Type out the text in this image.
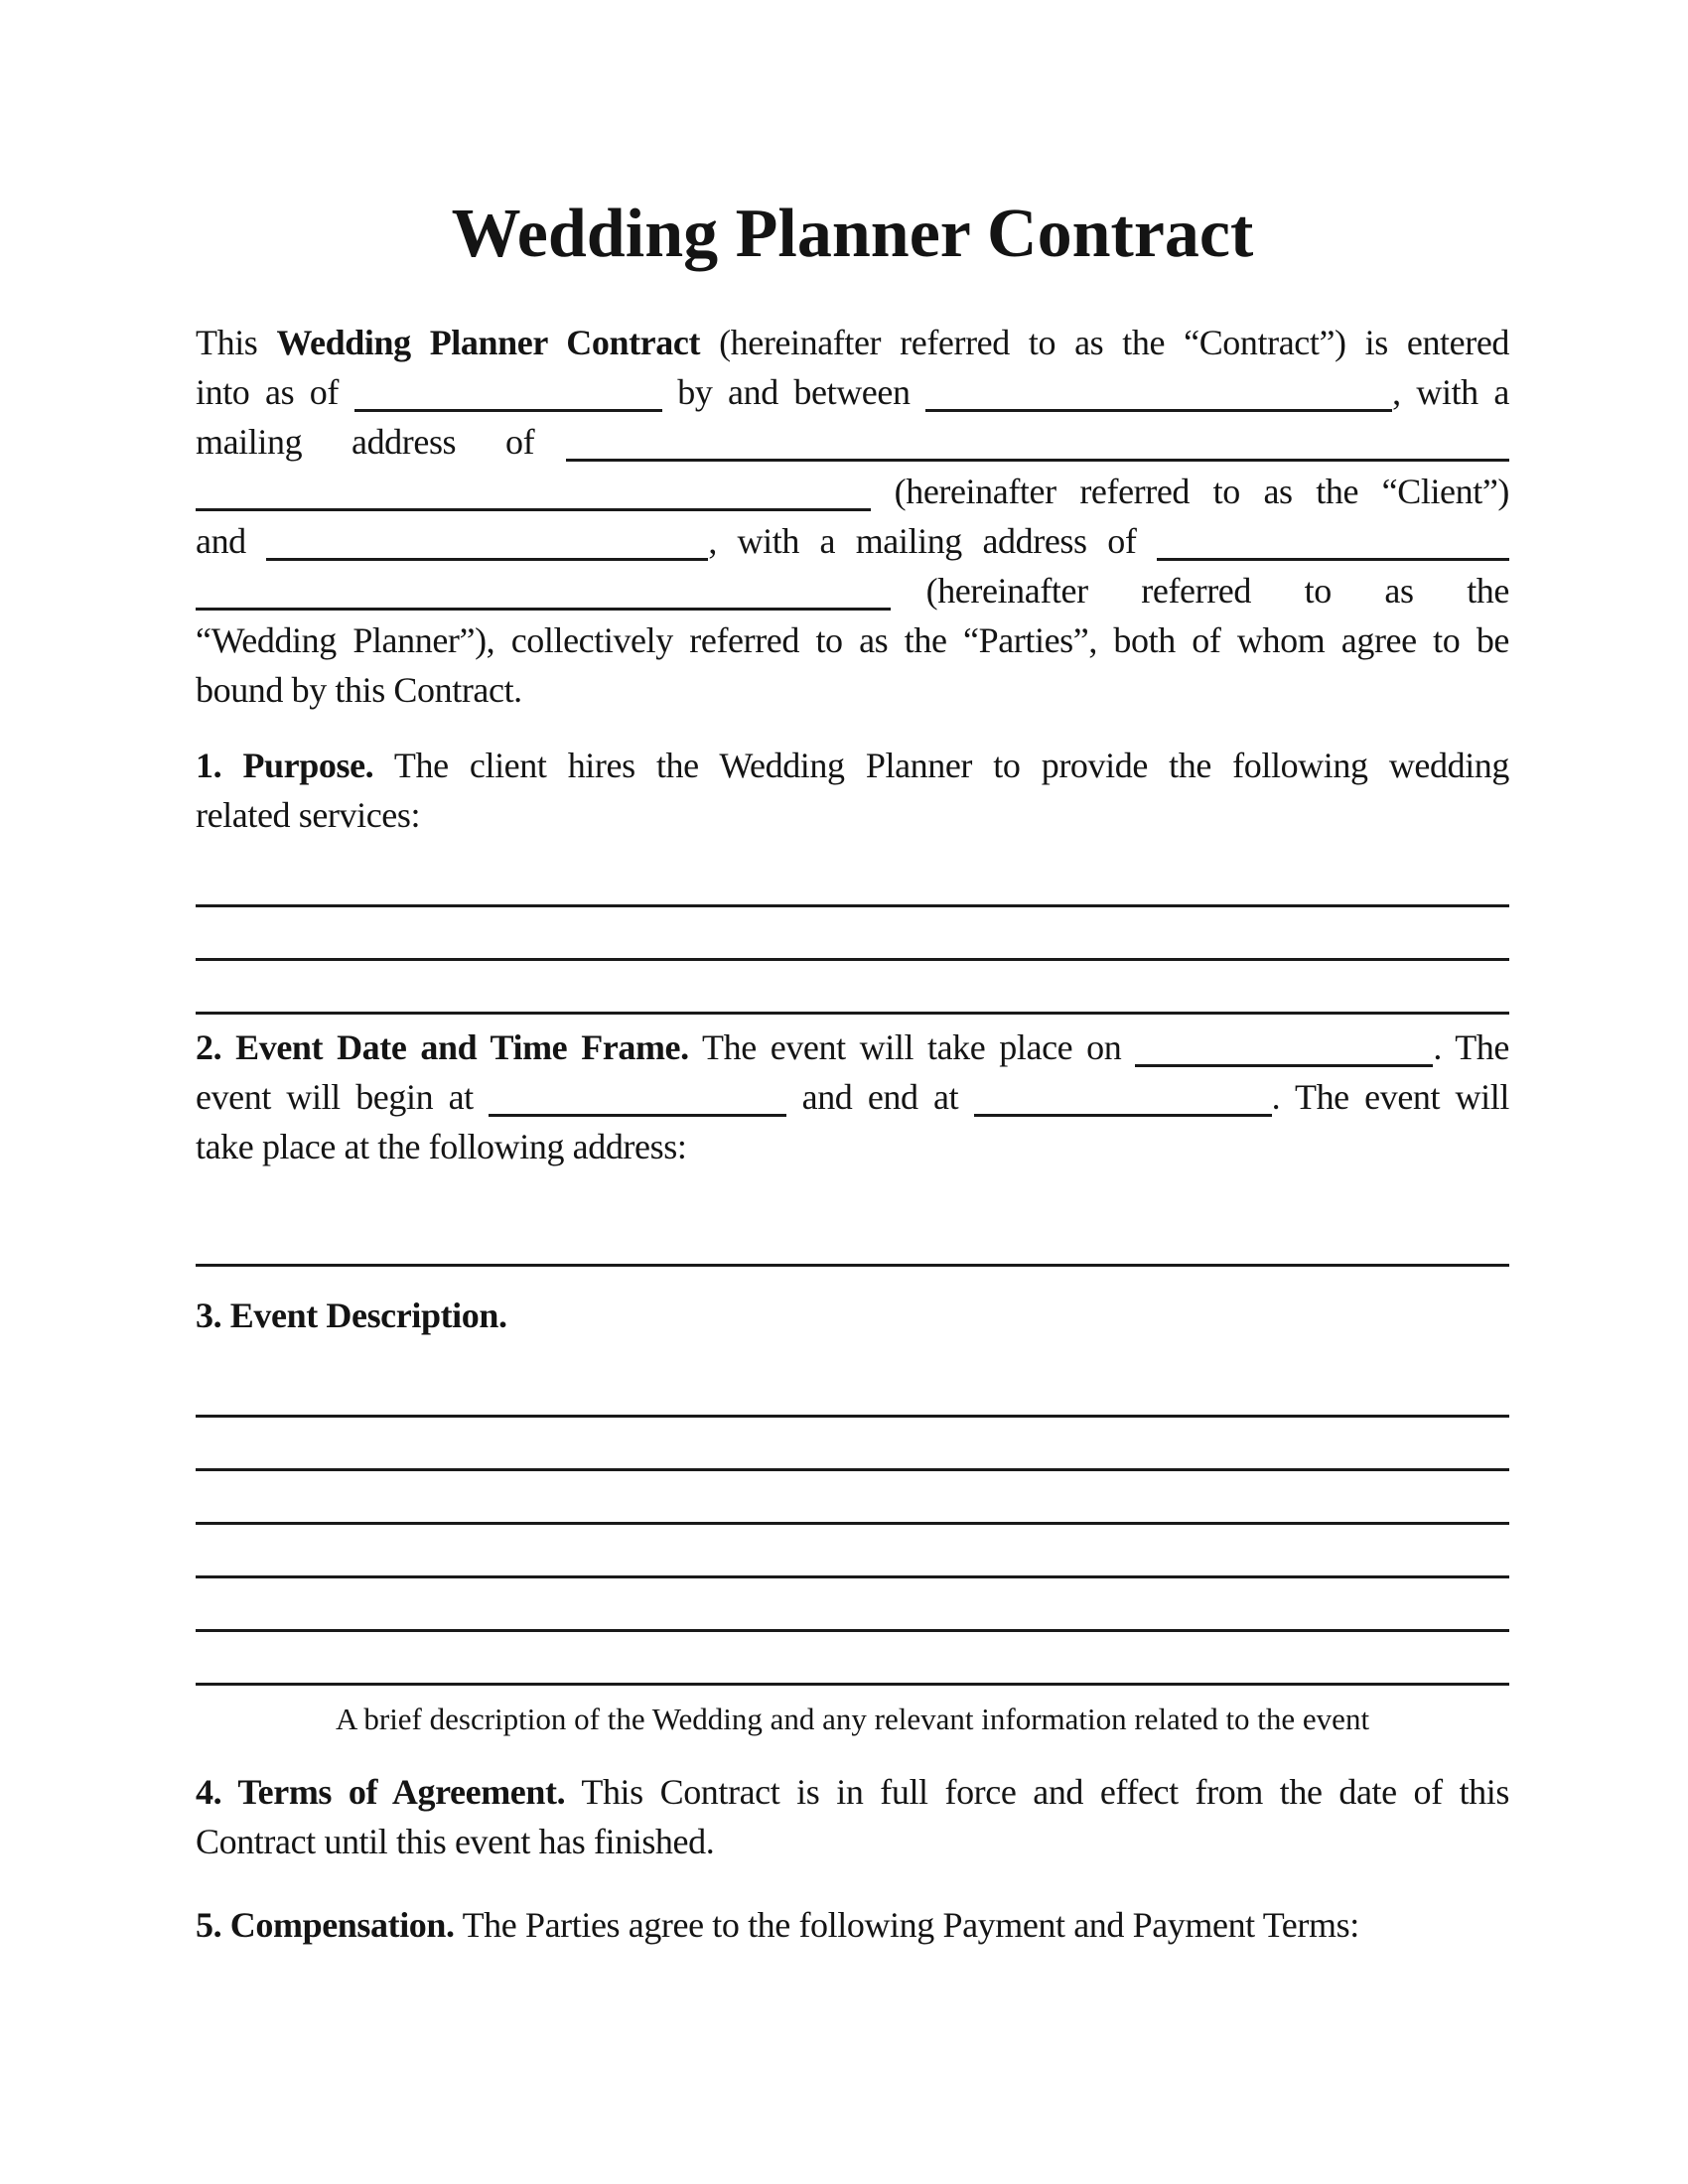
Wedding Planner Contract
This Wedding Planner Contract (hereinafter referred to as the “Contract”) is entered
into as of	by and between	, with a
mailing address of
(hereinafter referred to as the “Client”)
and	, with a mailing address of
(hereinafter referred to as the
“Wedding Planner”), collectively referred to as the “Parties”, both of whom agree to be
bound by this Contract.
1. Purpose. The client hires the Wedding Planner to provide the following wedding
related services:
2. Event Date and Time Frame. The event will take place on	. The
event will begin at	and end at	. The event will
take place at the following address:
3. Event Description.
A brief description of the Wedding and any relevant information related to the event
4. Terms of Agreement. This Contract is in full force and effect from the date of this
Contract until this event has finished.
5. Compensation. The Parties agree to the following Payment and Payment Terms:
